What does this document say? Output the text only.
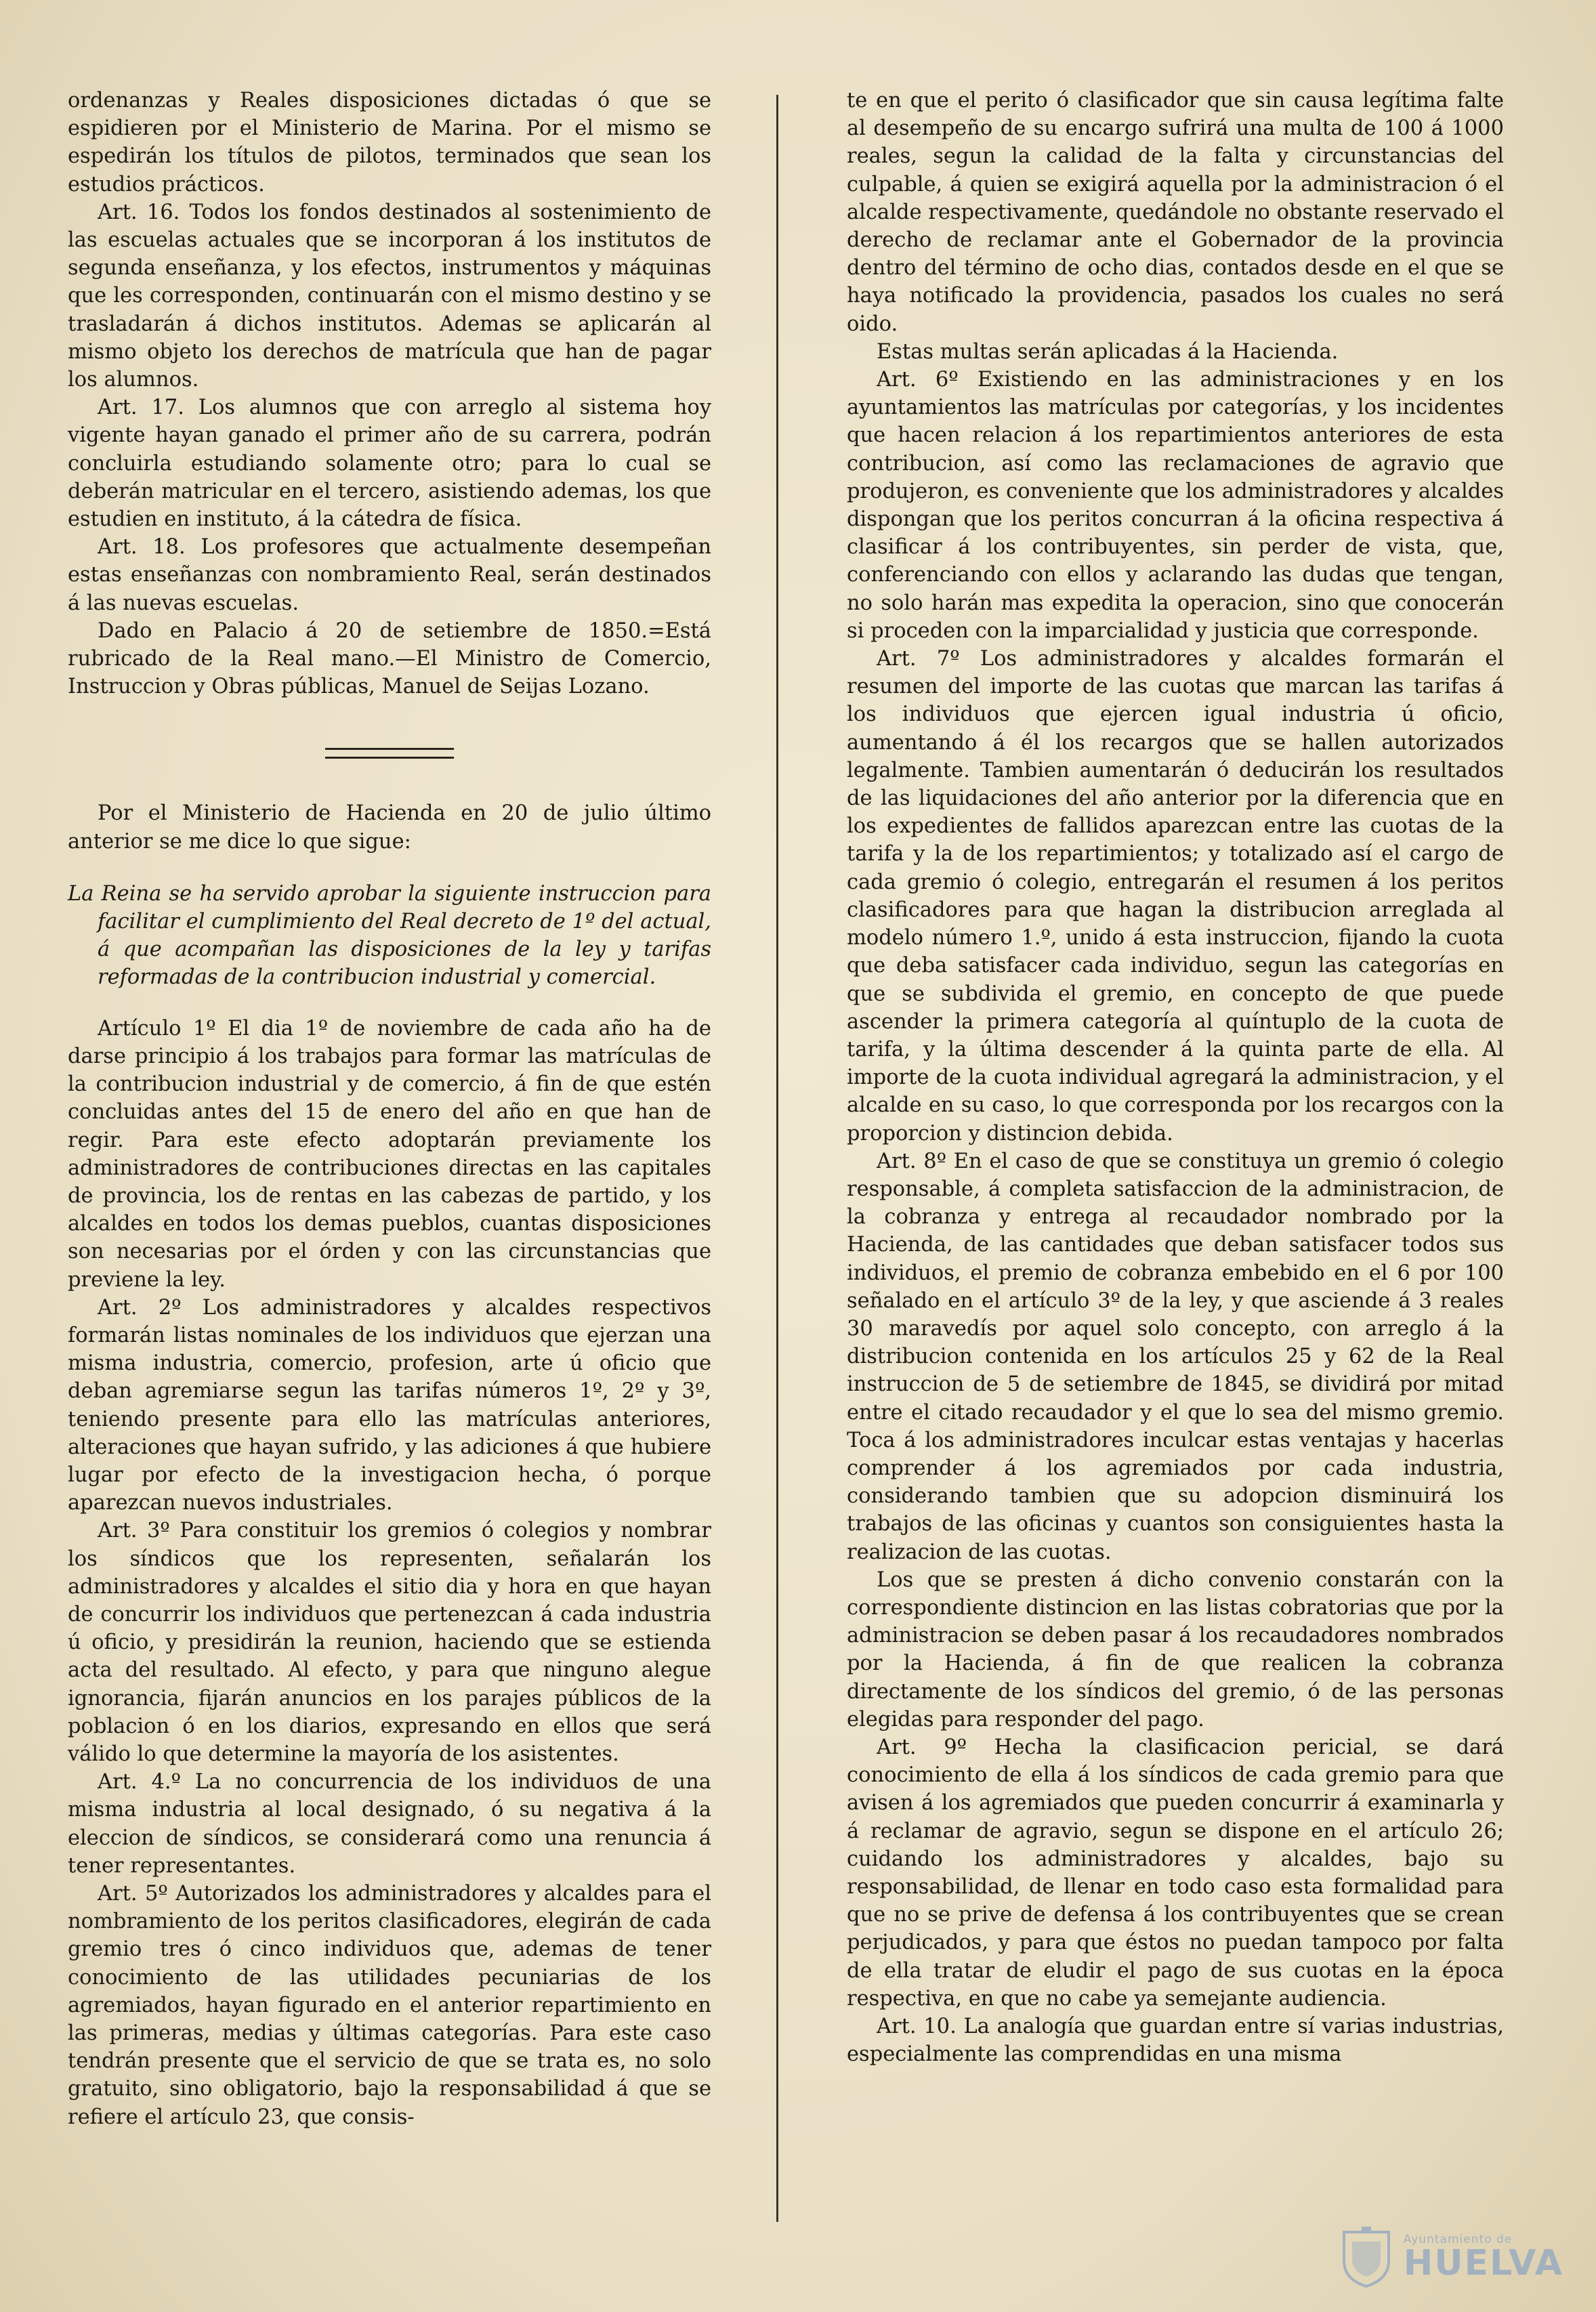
ordenanzas y Reales disposiciones dictadas ó que se espidieren por el Ministerio de Marina. Por el mismo se espedirán los títulos de pilotos, terminados que sean los estudios prácticos.

Art. 16. Todos los fondos destinados al sostenimiento de las escuelas actuales que se incorporan á los institutos de segunda enseñanza, y los efectos, instrumentos y máquinas que les corresponden, continuarán con el mismo destino y se trasladarán á dichos institutos. Ademas se aplicarán al mismo objeto los derechos de matrícula que han de pagar los alumnos.

Art. 17. Los alumnos que con arreglo al sistema hoy vigente hayan ganado el primer año de su carrera, podrán concluirla estudiando solamente otro; para lo cual se deberán matricular en el tercero, asistiendo ademas, los que estudien en instituto, á la cátedra de física.

Art. 18. Los profesores que actualmente desempeñan estas enseñanzas con nombramiento Real, serán destinados á las nuevas escuelas.

Dado en Palacio á 20 de setiembre de 1850.=Está rubricado de la Real mano.—El Ministro de Comercio, Instruccion y Obras públicas, Manuel de Seijas Lozano.

Por el Ministerio de Hacienda en 20 de julio último anterior se me dice lo que sigue:

La Reina se ha servido aprobar la siguiente instruccion para facilitar el cumplimiento del Real decreto de 1º del actual, á que acompañan las disposiciones de la ley y tarifas reformadas de la contribucion industrial y comercial.

Artículo 1º El dia 1º de noviembre de cada año ha de darse principio á los trabajos para formar las matrículas de la contribucion industrial y de comercio, á fin de que estén concluidas antes del 15 de enero del año en que han de regir. Para este efecto adoptarán previamente los administradores de contribuciones directas en las capitales de provincia, los de rentas en las cabezas de partido, y los alcaldes en todos los demas pueblos, cuantas disposiciones son necesarias por el órden y con las circunstancias que previene la ley.

Art. 2º Los administradores y alcaldes respectivos formarán listas nominales de los individuos que ejerzan una misma industria, comercio, profesion, arte ú oficio que deban agremiarse segun las tarifas números 1º, 2º y 3º, teniendo presente para ello las matrículas anteriores, alteraciones que hayan sufrido, y las adiciones á que hubiere lugar por efecto de la investigacion hecha, ó porque aparezcan nuevos industriales.

Art. 3º Para constituir los gremios ó colegios y nombrar los síndicos que los representen, señalarán los administradores y alcaldes el sitio dia y hora en que hayan de concurrir los individuos que pertenezcan á cada industria ú oficio, y presidirán la reunion, haciendo que se estienda acta del resultado. Al efecto, y para que ninguno alegue ignorancia, fijarán anuncios en los parajes públicos de la poblacion ó en los diarios, expresando en ellos que será válido lo que determine la mayoría de los asistentes.

Art. 4.º La no concurrencia de los individuos de una misma industria al local designado, ó su negativa á la eleccion de síndicos, se considerará como una renuncia á tener representantes.

Art. 5º Autorizados los administradores y alcaldes para el nombramiento de los peritos clasificadores, elegirán de cada gremio tres ó cinco individuos que, ademas de tener conocimiento de las utilidades pecuniarias de los agremiados, hayan figurado en el anterior repartimiento en las primeras, medias y últimas categorías. Para este caso tendrán presente que el servicio de que se trata es, no solo gratuito, sino obligatorio, bajo la responsabilidad á que se refiere el artículo 23, que consis-

te en que el perito ó clasificador que sin causa legítima falte al desempeño de su encargo sufrirá una multa de 100 á 1000 reales, segun la calidad de la falta y circunstancias del culpable, á quien se exigirá aquella por la administracion ó el alcalde respectivamente, quedándole no obstante reservado el derecho de reclamar ante el Gobernador de la provincia dentro del término de ocho dias, contados desde en el que se haya notificado la providencia, pasados los cuales no será oido.

Estas multas serán aplicadas á la Hacienda.

Art. 6º Existiendo en las administraciones y en los ayuntamientos las matrículas por categorías, y los incidentes que hacen relacion á los repartimientos anteriores de esta contribucion, así como las reclamaciones de agravio que produjeron, es conveniente que los administradores y alcaldes dispongan que los peritos concurran á la oficina respectiva á clasificar á los contribuyentes, sin perder de vista, que, conferenciando con ellos y aclarando las dudas que tengan, no solo harán mas expedita la operacion, sino que conocerán si proceden con la imparcialidad y justicia que corresponde.

Art. 7º Los administradores y alcaldes formarán el resumen del importe de las cuotas que marcan las tarifas á los individuos que ejercen igual industria ú oficio, aumentando á él los recargos que se hallen autorizados legalmente. Tambien aumentarán ó deducirán los resultados de las liquidaciones del año anterior por la diferencia que en los expedientes de fallidos aparezcan entre las cuotas de la tarifa y la de los repartimientos; y totalizado así el cargo de cada gremio ó colegio, entregarán el resumen á los peritos clasificadores para que hagan la distribucion arreglada al modelo número 1.º, unido á esta instruccion, fijando la cuota que deba satisfacer cada individuo, segun las categorías en que se subdivida el gremio, en concepto de que puede ascender la primera categoría al quíntuplo de la cuota de tarifa, y la última descender á la quinta parte de ella. Al importe de la cuota individual agregará la administracion, y el alcalde en su caso, lo que corresponda por los recargos con la proporcion y distincion debida.

Art. 8º En el caso de que se constituya un gremio ó colegio responsable, á completa satisfaccion de la administracion, de la cobranza y entrega al recaudador nombrado por la Hacienda, de las cantidades que deban satisfacer todos sus individuos, el premio de cobranza embebido en el 6 por 100 señalado en el artículo 3º de la ley, y que asciende á 3 reales 30 maravedís por aquel solo concepto, con arreglo á la distribucion contenida en los artículos 25 y 62 de la Real instruccion de 5 de setiembre de 1845, se dividirá por mitad entre el citado recaudador y el que lo sea del mismo gremio. Toca á los administradores inculcar estas ventajas y hacerlas comprender á los agremiados por cada industria, considerando tambien que su adopcion disminuirá los trabajos de las oficinas y cuantos son consiguientes hasta la realizacion de las cuotas.

Los que se presten á dicho convenio constarán con la correspondiente distincion en las listas cobratorias que por la administracion se deben pasar á los recaudadores nombrados por la Hacienda, á fin de que realicen la cobranza directamente de los síndicos del gremio, ó de las personas elegidas para responder del pago.

Art. 9º Hecha la clasificacion pericial, se dará conocimiento de ella á los síndicos de cada gremio para que avisen á los agremiados que pueden concurrir á examinarla y á reclamar de agravio, segun se dispone en el artículo 26; cuidando los administradores y alcaldes, bajo su responsabilidad, de llenar en todo caso esta formalidad para que no se prive de defensa á los contribuyentes que se crean perjudicados, y para que éstos no puedan tampoco por falta de ella tratar de eludir el pago de sus cuotas en la época respectiva, en que no cabe ya semejante audiencia.

Art. 10. La analogía que guardan entre sí varias industrias, especialmente las comprendidas en una misma

Ayuntamiento de
HUELVA
